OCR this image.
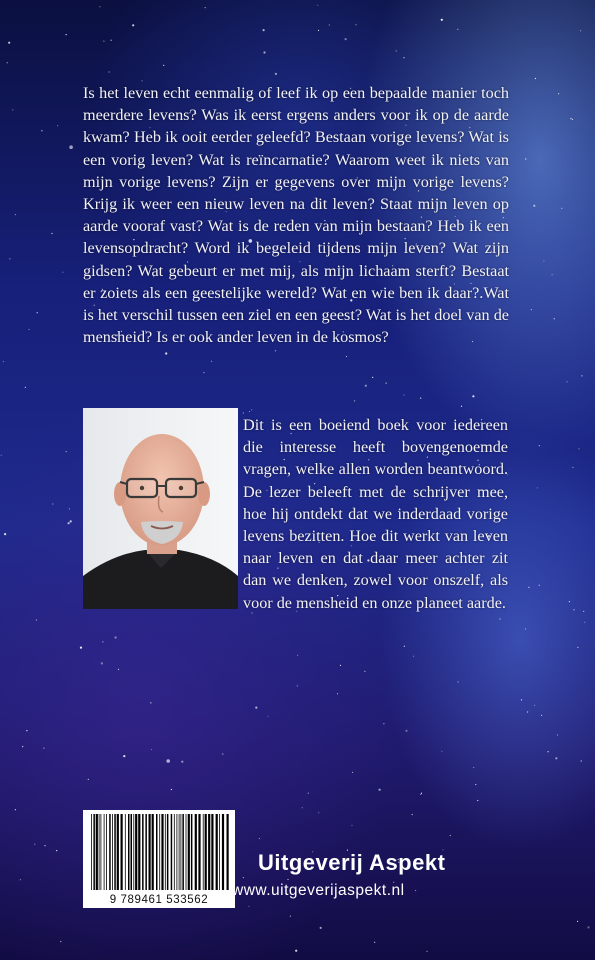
Is het leven echt eenmalig of leef ik op een bepaalde manier toch meerdere levens? Was ik eerst ergens anders voor ik op de aarde kwam? Heb ik ooit eerder geleefd? Bestaan vorige levens? Wat is een vorig leven? Wat is reïncarnatie? Waarom weet ik niets van mijn vorige levens? Zijn er gegevens over mijn vorige levens? Krijg ik weer een nieuw leven na dit leven? Staat mijn leven op aarde vooraf vast? Wat is de reden van mijn bestaan? Heb ik een levensopdracht? Word ik begeleid tijdens mijn leven? Wat zijn gidsen? Wat gebeurt er met mij, als mijn lichaam sterft? Bestaat er zoiets als een geestelijke wereld? Wat en wie ben ik daar?.Wat is het verschil tussen een ziel en een geest? Wat is het doel van de mensheid? Is er ook ander leven in de kosmos?

Dit is een boeiend boek voor iedereen die interesse heeft bovengenoemde vragen, welke allen worden beantwoord. De lezer beleeft met de schrijver mee, hoe hij ontdekt dat we inderdaad vorige levens bezitten. Hoe dit werkt van leven naar leven en dat daar meer achter zit dan we denken, zowel voor onszelf, als voor de mensheid en onze planeet aarde.

9 789461 533562
Uitgeverij Aspekt
www.uitgeverijaspekt.nl
